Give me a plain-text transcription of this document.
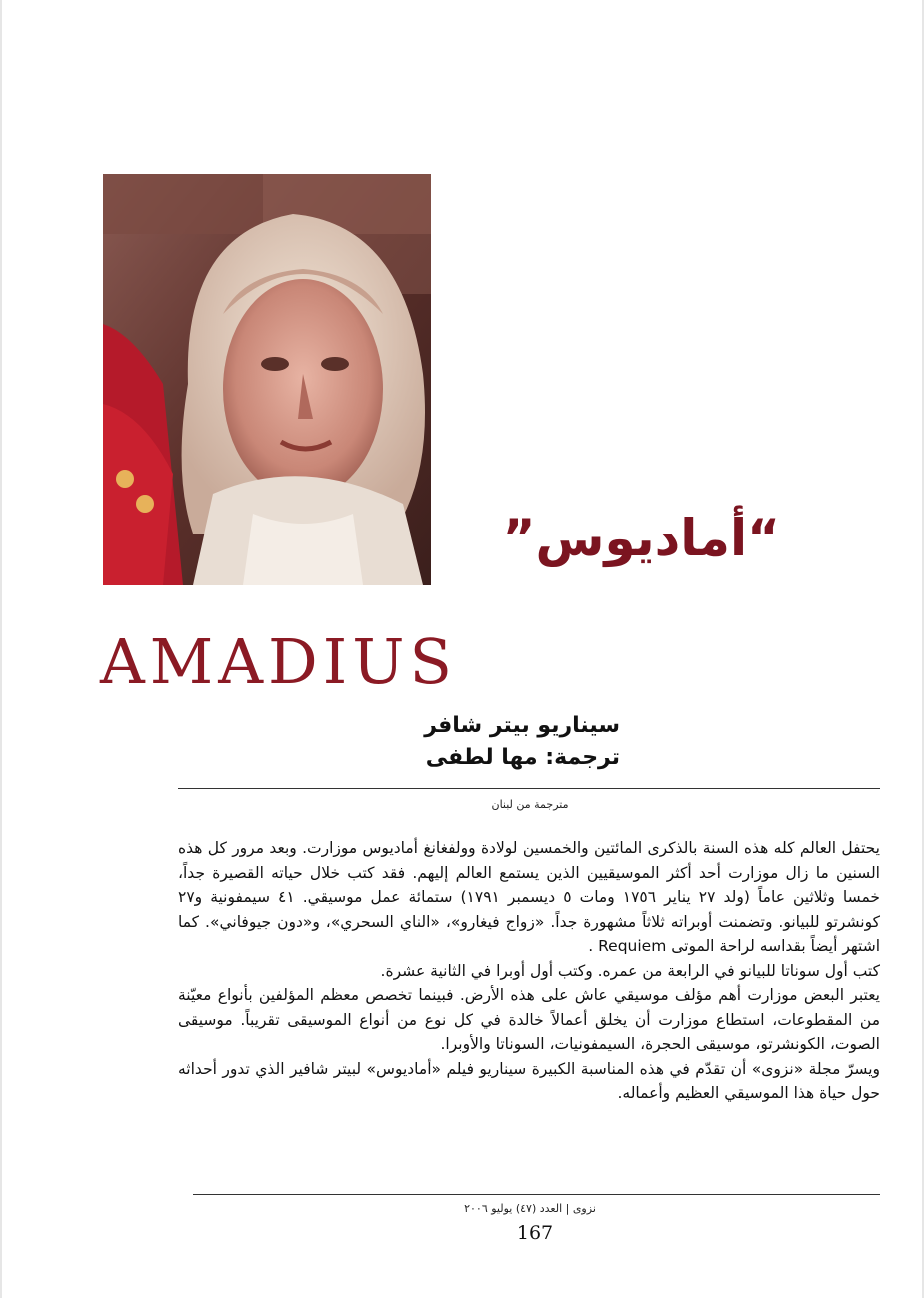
“أماديوس”
AMADIUS
سيناريو بيتر شافر
ترجمة: مها لطفى
مترجمة من لبنان

يحتفل العالم كله هذه السنة بالذكرى المائتين والخمسين لولادة وولفغانغ أماديوس موزارت. وبعد مرور كل هذه السنين ما زال موزارت أحد أكثر الموسيقيين الذين يستمع العالم إليهم. فقد كتب خلال حياته القصيرة جداً، خمسا وثلاثين عاماً (ولد ٢٧ يناير ١٧٥٦ ومات ٥ ديسمبر ١٧٩١) ستمائة عمل موسيقي. ٤١ سيمفونية و٢٧ كونشرتو للبيانو. وتضمنت أوبراته ثلاثاً مشهورة جداً. «زواج فيغارو»، «الناي السحري»، و«دون جيوفاني». كما اشتهر أيضاً بقداسه لراحة الموتى Requiem .

كتب أول سوناتا للبيانو في الرابعة من عمره. وكتب أول أوبرا في الثانية عشرة.

يعتبر البعض موزارت أهم مؤلف موسيقي عاش على هذه الأرض. فبينما تخصص معظم المؤلفين بأنواع معيّنة من المقطوعات، استطاع موزارت أن يخلق أعمالاً خالدة في كل نوع من أنواع الموسيقى تقريباً. موسيقى الصوت، الكونشرتو، موسيقى الحجرة، السيمفونيات، السوناتا والأوبرا.

ويسرّ مجلة «نزوى» أن تقدّم في هذه المناسبة الكبيرة سيناريو فيلم «أماديوس» لبيتر شافير الذي تدور أحداثه حول حياة هذا الموسيقي العظيم وأعماله.

نزوى | العدد (٤٧) يوليو ٢٠٠٦
167
